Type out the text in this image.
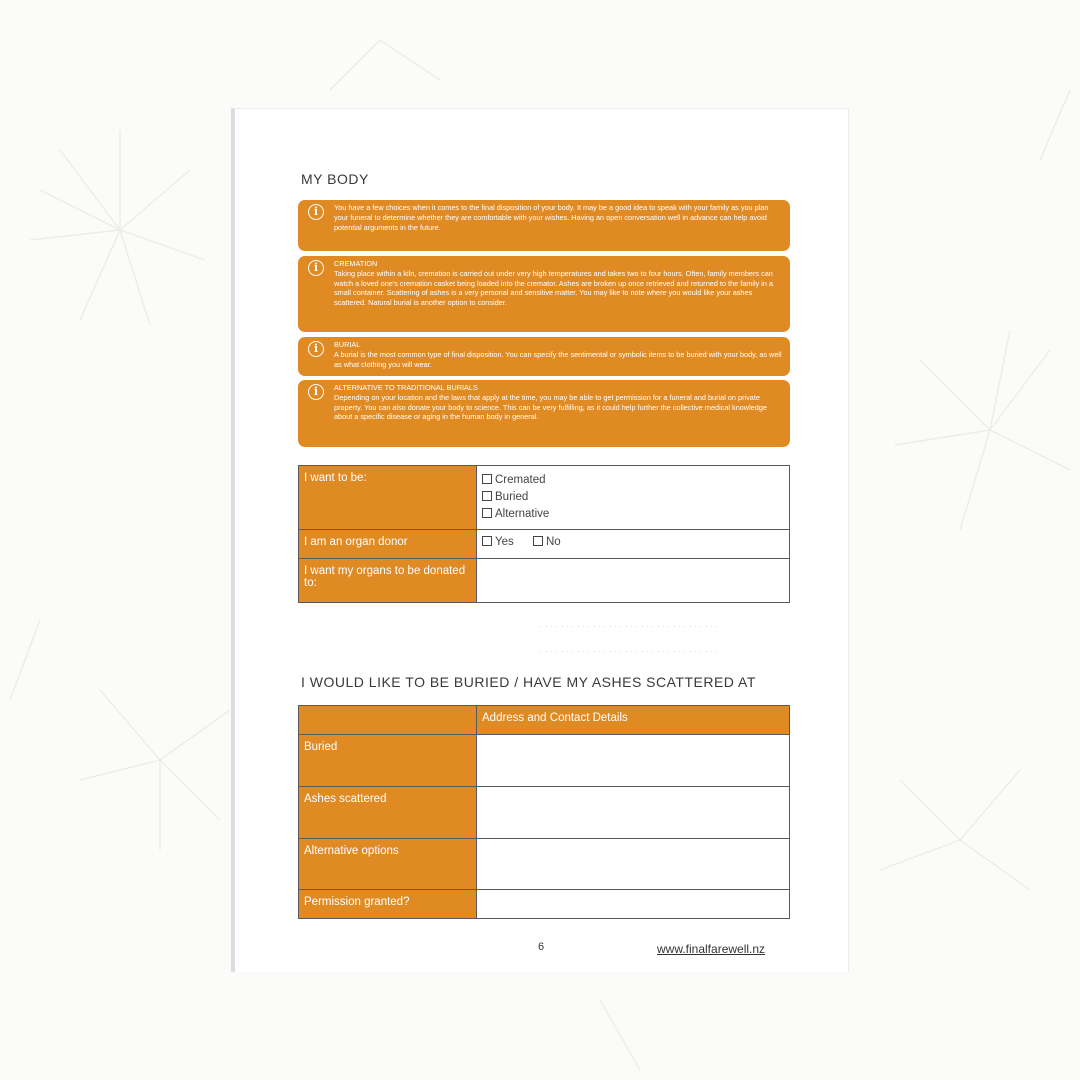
MY BODY
i	You have a few choices when it comes to the final disposition of your body. It may be a good idea to speak with your family as you plan your funeral to determine whether they are comfortable with your wishes. Having an open conversation well in advance can help avoid potential arguments in the future.
i	CREMATION
Taking place within a kiln, cremation is carried out under very high temperatures and takes two to four hours. Often, family members can watch a loved one's cremation casket being loaded into the cremator. Ashes are broken up once retrieved and returned to the family in a small container. Scattering of ashes is a very personal and sensitive matter. You may like to note where you would like your ashes scattered. Natural burial is another option to consider.
i	BURIAL
A burial is the most common type of final disposition. You can specify the sentimental or symbolic items to be buried with your body, as well as what clothing you will wear.
i	ALTERNATIVE TO TRADITIONAL BURIALS
Depending on your location and the laws that apply at the time, you may be able to get permission for a funeral and burial on private property. You can also donate your body to science. This can be very fulfilling, as it could help further the collective medical knowledge about a specific disease or aging in the human body in general.
I want to be:	Cremated
Buried
Alternative

I am an organ donor	Yes No
I want my organs to be donated to:	
. . . . . . . . . . . . . . . . . . . . . . . . . . . . . . . . . .
. . . . . . . . . . . . . . . . . . . . . . . . . . . . . . . . . .
I WOULD LIKE TO BE BURIED / HAVE MY ASHES SCATTERED AT
	Address and Contact Details
Buried	
Ashes scattered	
Alternative options	
Permission granted?	
6	www.finalfarewell.nz
